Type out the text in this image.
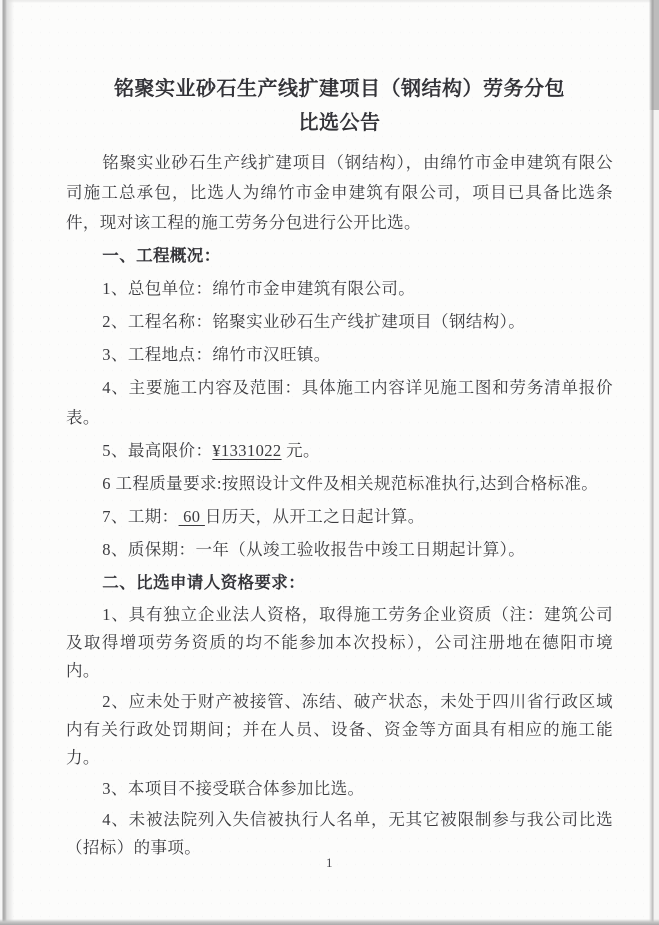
铭聚实业砂石生产线扩建项目（钢结构）劳务分包
比选公告

铭聚实业砂石生产线扩建项目（钢结构），由绵竹市金申建筑有限公司施工总承包，比选人为绵竹市金申建筑有限公司，项目已具备比选条件，现对该工程的施工劳务分包进行公开比选。

一、工程概况：

1、总包单位：绵竹市金申建筑有限公司。

2、工程名称：铭聚实业砂石生产线扩建项目（钢结构）。

3、工程地点：绵竹市汉旺镇。

4、主要施工内容及范围：具体施工内容详见施工图和劳务清单报价表。

5、最高限价：¥1331022 元。

6 工程质量要求:按照设计文件及相关规范标准执行,达到合格标准。

7、工期： 60 日历天，从开工之日起计算。

8、质保期：一年（从竣工验收报告中竣工日期起计算）。

二、比选申请人资格要求：

1、具有独立企业法人资格，取得施工劳务企业资质（注：建筑公司及取得增项劳务资质的均不能参加本次投标），公司注册地在德阳市境内。

2、应未处于财产被接管、冻结、破产状态，未处于四川省行政区域内有关行政处罚期间；并在人员、设备、资金等方面具有相应的施工能力。

3、本项目不接受联合体参加比选。

4、未被法院列入失信被执行人名单，无其它被限制参与我公司比选（招标）的事项。

1
